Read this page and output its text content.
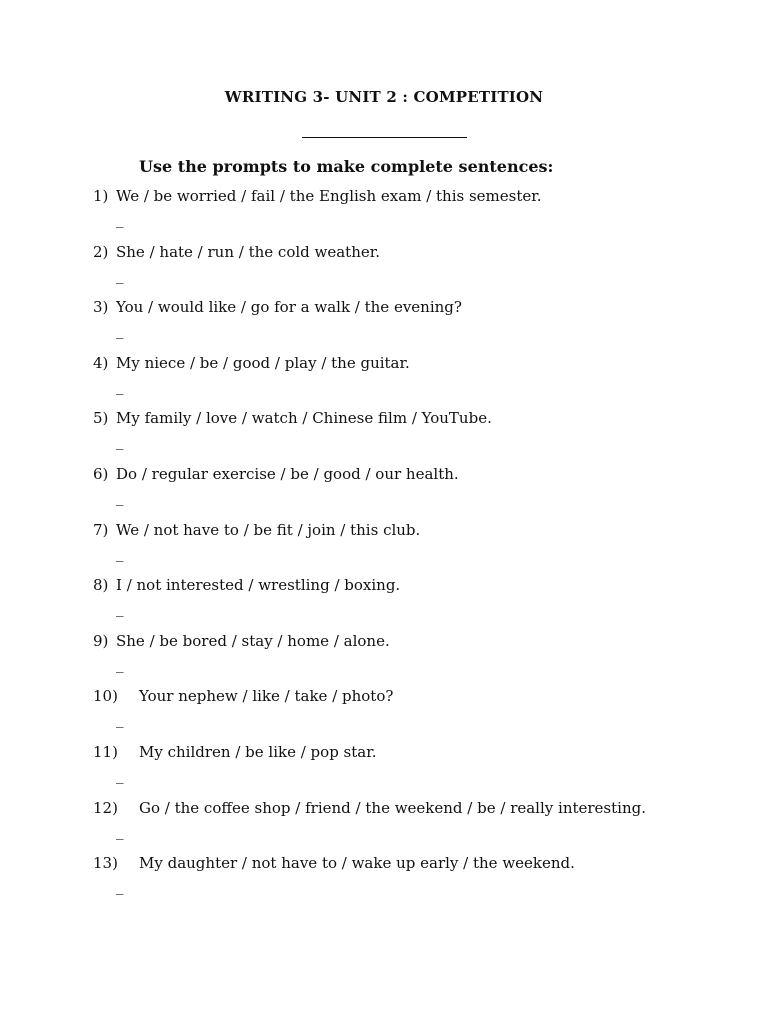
WRITING 3- UNIT 2 : COMPETITION
Use the prompts to make complete sentences:
1) We / be worried / fail / the English exam / this semester.
_
2) She / hate / run / the cold weather.
_
3) You / would like / go for a walk / the evening?
_
4) My niece / be / good / play / the guitar.
_
5) My family / love / watch / Chinese film / YouTube.
_
6) Do / regular exercise / be / good / our health.
_
7) We / not have to / be fit / join / this club.
_
8) I / not interested / wrestling / boxing.
_
9) She / be bored / stay / home / alone.
_
10) Your nephew / like / take / photo?
_
11) My children / be like / pop star.
_
12) Go / the coffee shop / friend / the weekend / be / really interesting.
_
13) My daughter / not have to / wake up early / the weekend.
_
